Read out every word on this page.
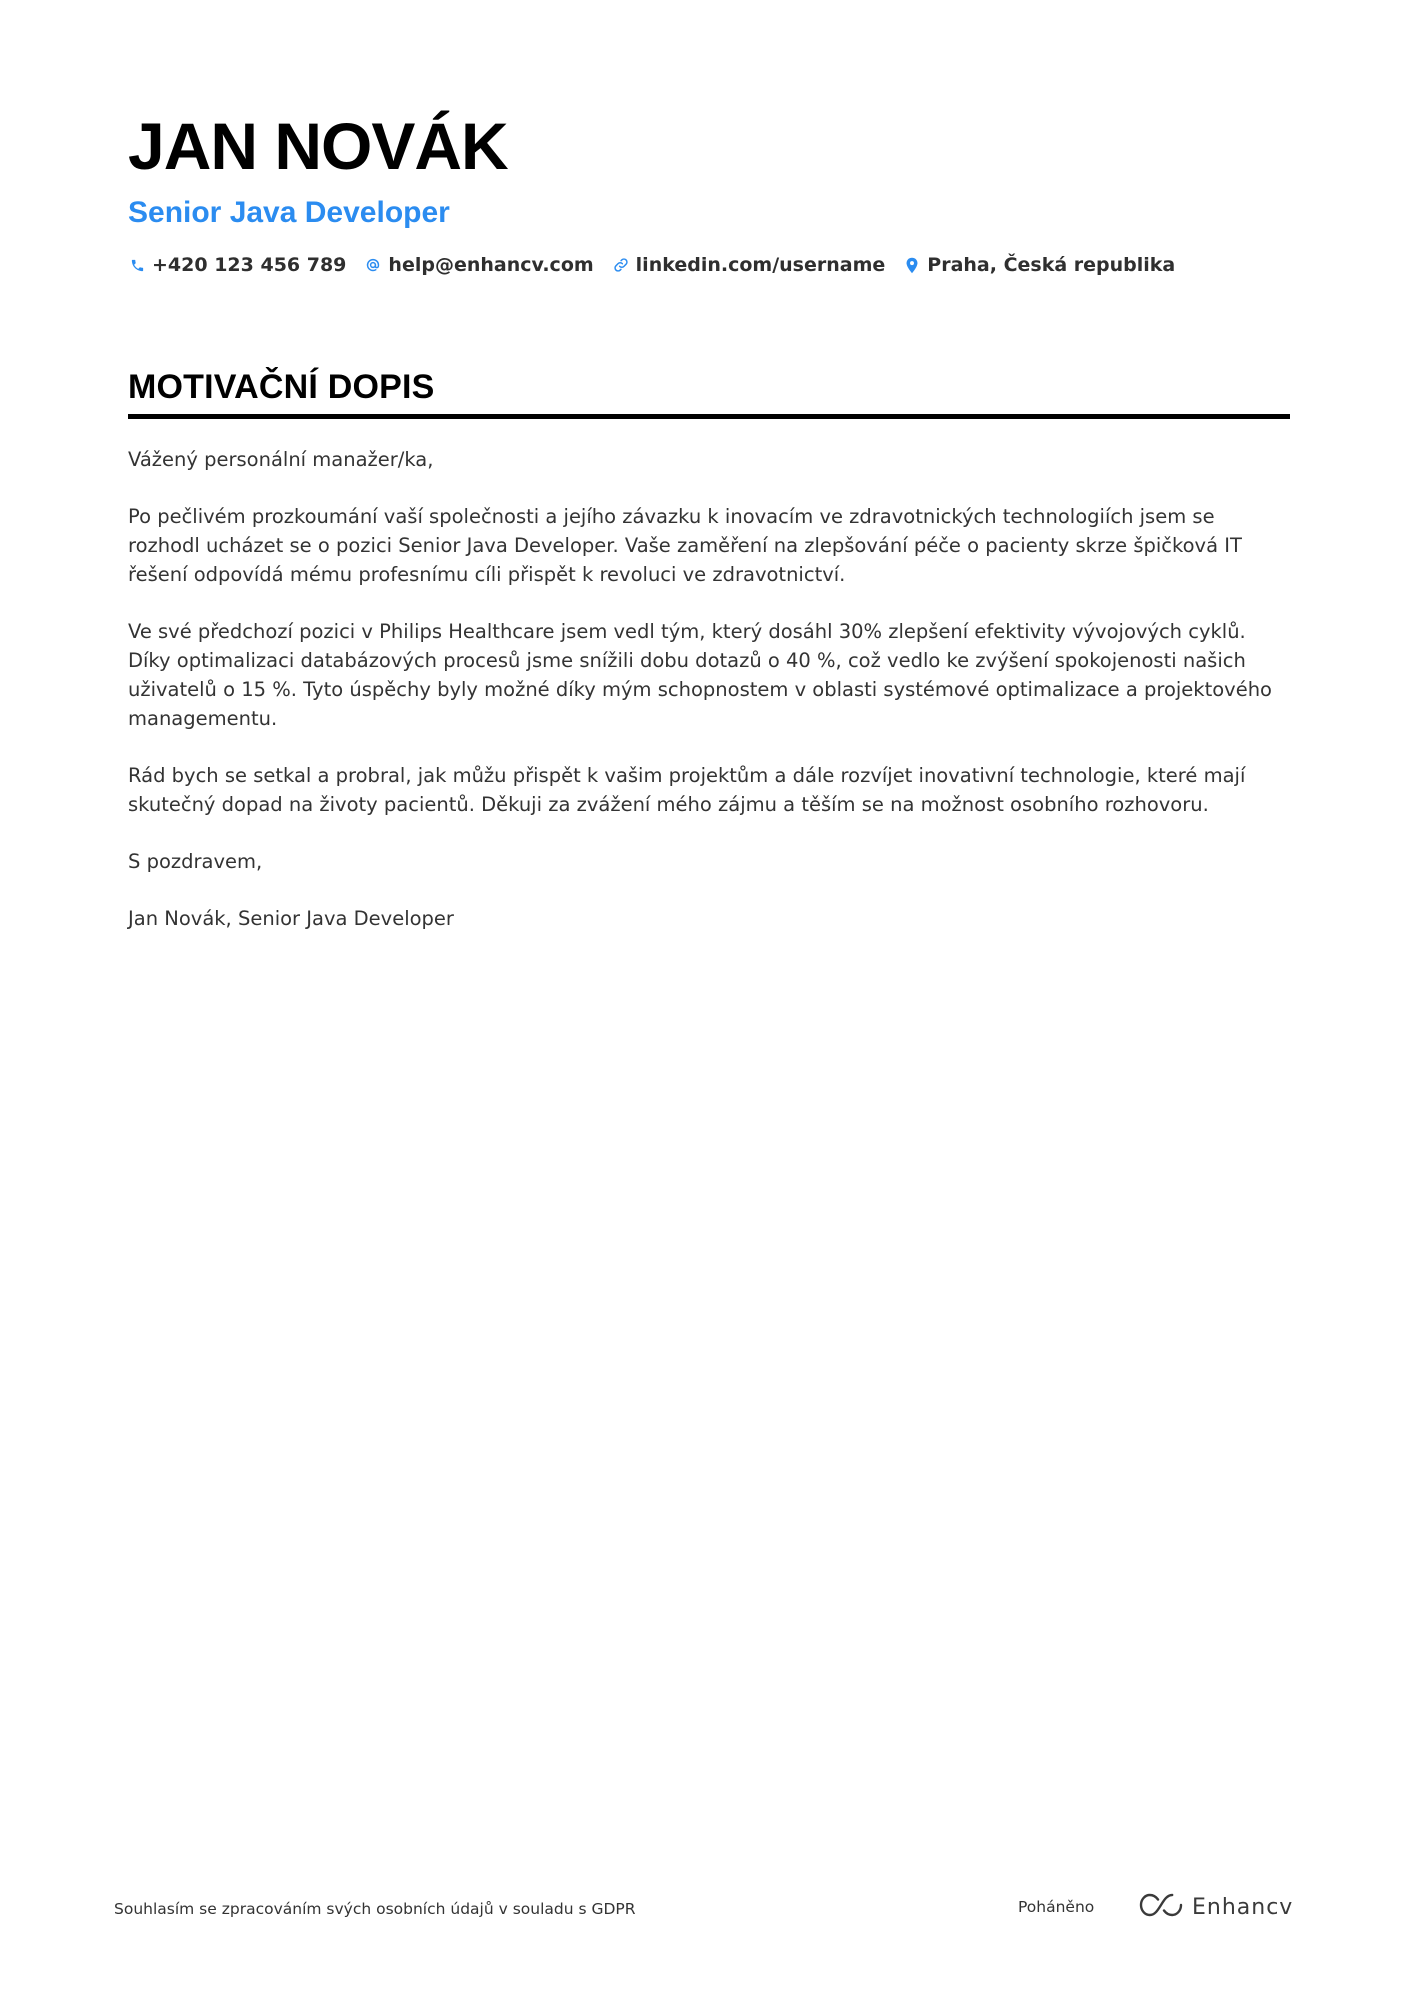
JAN NOVÁK
Senior Java Developer
+420 123 456 789 help@enhancv.com linkedin.com/username Praha, Česká republika
MOTIVAČNÍ DOPIS

Vážený personální manažer/ka,

Po pečlivém prozkoumání vaší společnosti a jejího závazku k inovacím ve zdravotnických technologiích jsem se rozhodl ucházet se o pozici Senior Java Developer. Vaše zaměření na zlepšování péče o pacienty skrze špičková IT řešení odpovídá mému profesnímu cíli přispět k revoluci ve zdravotnictví.

Ve své předchozí pozici v Philips Healthcare jsem vedl tým, který dosáhl 30% zlepšení efektivity vývojových cyklů. Díky optimalizaci databázových procesů jsme snížili dobu dotazů o 40 %, což vedlo ke zvýšení spokojenosti našich uživatelů o 15 %. Tyto úspěchy byly možné díky mým schopnostem v oblasti systémové optimalizace a projektového managementu.

Rád bych se setkal a probral, jak můžu přispět k vašim projektům a dále rozvíjet inovativní technologie, které mají skutečný dopad na životy pacientů. Děkuji za zvážení mého zájmu a těším se na možnost osobního rozhovoru.

S pozdravem,

Jan Novák, Senior Java Developer

Souhlasím se zpracováním svých osobních údajů v souladu s GDPR	Poháněno	Enhancv
